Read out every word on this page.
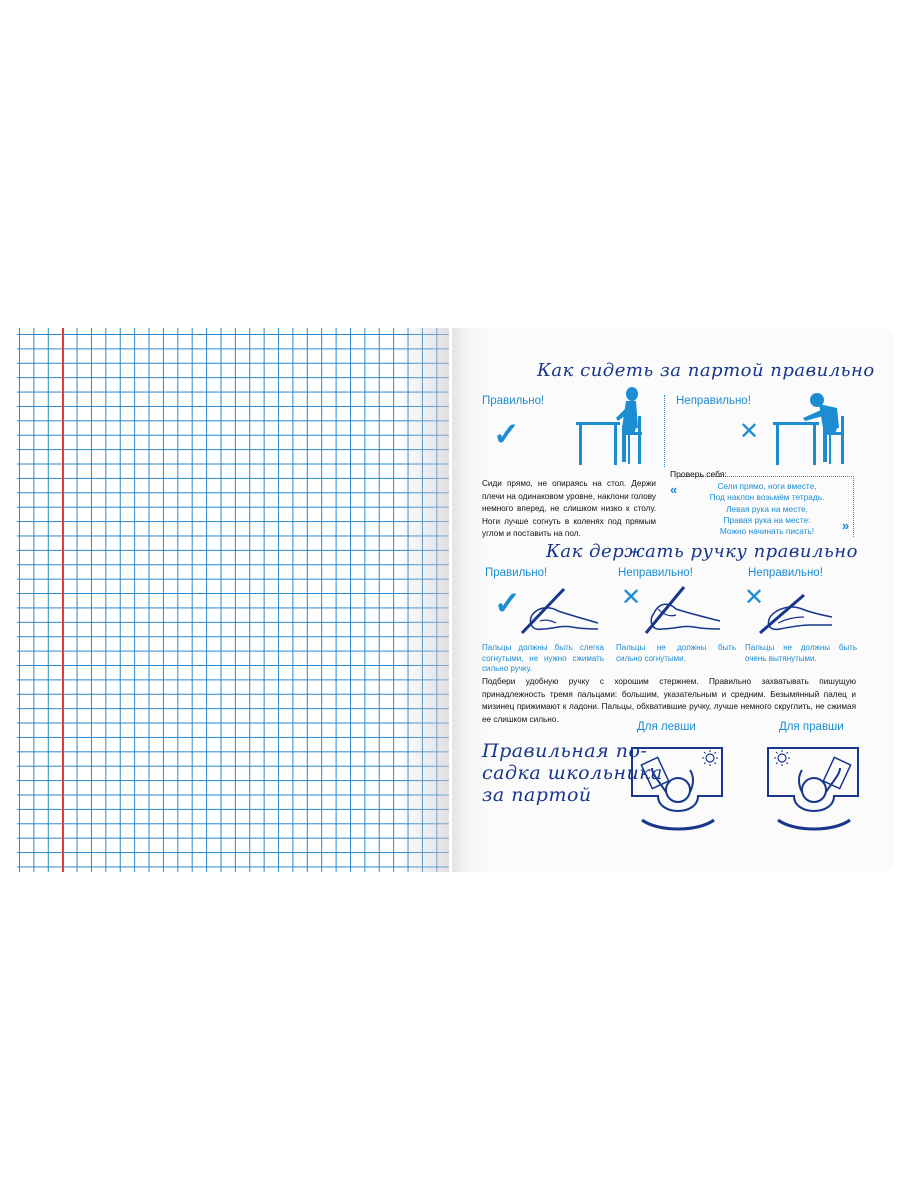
Как сидеть за партой правильно
Правильно!
✓
Неправильно!
✕
Сиди прямо, не опираясь на стол. Держи плечи на одинаковом уровне, наклони голову немного вперед, не слишком низко к столу. Ноги лучше согнуть в коленях под прямым углом и поставить на пол.
Проверь себя:
«	Сели прямо, ноги вместе,
Под наклон возьмём тетрадь.
Левая рука на месте,
Правая рука на месте:
Можно начинать писать!	»
Как держать ручку правильно
Правильно!	Неправильно!	Неправильно!
✓	✕	✕
Пальцы должны быть слегка согнутыми, не нужно сжимать сильно ручку.
Пальцы не должны быть сильно согнутыми.
Пальцы не должны быть очень вытянутыми.
Подбери удобную ручку с хорошим стержнем. Правильно захватывать пишущую принадлежность тремя пальцами: большим, указательным и средним. Безымянный палец и мизинец прижимают к ладони. Пальцы, обхватившие ручку, лучше немного скруглить, не сжимая ее слишком сильно.
Правильная по-
садка школьника
за партой
Для левши	Для правши
